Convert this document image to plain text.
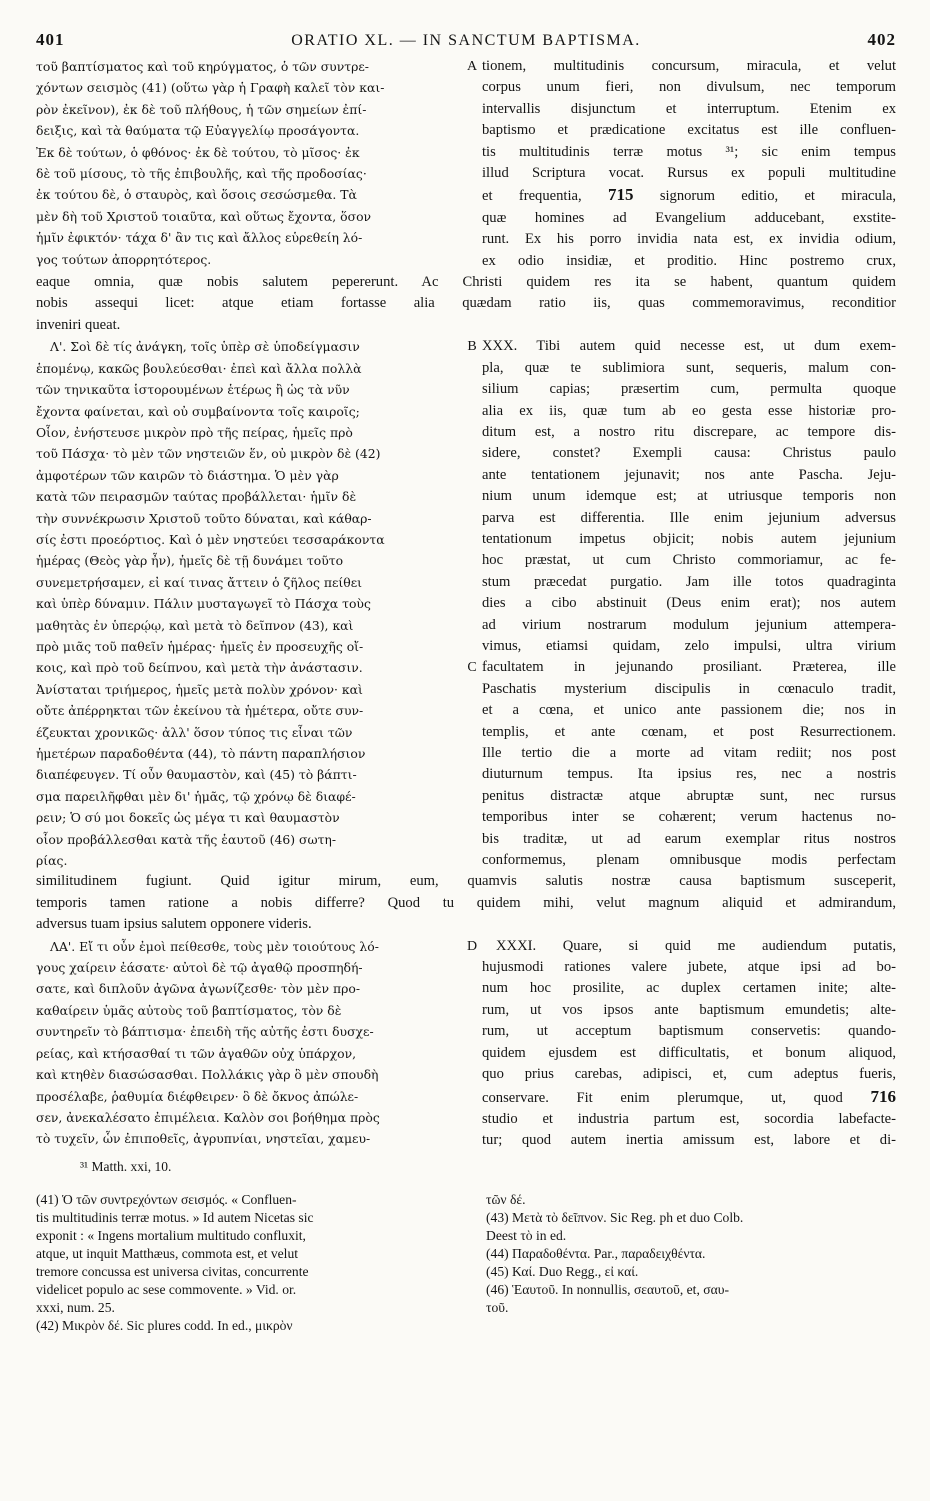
401	ORATIO XL. — IN SANCTUM BAPTISMA.	402
τοῦ βαπτίσματος καὶ τοῦ κηρύγματος, ὁ τῶν συντρε-
χόντων σεισμὸς (41) (οὕτω γὰρ ἡ Γραφὴ καλεῖ τὸν και-
ρὸν ἐκεῖνον), ἐκ δὲ τοῦ πλήθους, ἡ τῶν σημείων ἐπί-
δειξις, καὶ τὰ θαύματα τῷ Εὐαγγελίῳ προσάγοντα.
Ἐκ δὲ τούτων, ὁ φθόνος· ἐκ δὲ τούτου, τὸ μῖσος· ἐκ
δὲ τοῦ μίσους, τὸ τῆς ἐπιβουλῆς, καὶ τῆς προδοσίας·
ἐκ τούτου δὲ, ὁ σταυρὸς, καὶ ὅσοις σεσώσμεθα. Τὰ
μὲν δὴ τοῦ Χριστοῦ τοιαῦτα, καὶ οὕτως ἔχοντα, ὅσον
ἡμῖν ἐφικτόν· τάχα δ' ἂν τις καὶ ἄλλος εὑρεθείη λό-
γος τούτων ἀπορρητότερος.
A tionem, multitudinis concursum, miracula, et velut
corpus unum fieri, non divulsum, nec temporum
intervallis disjunctum et interruptum. Etenim ex
baptismo et prædicatione excitatus est ille confluen-
tis multitudinis terræ motus ³¹; sic enim tempus
illud Scriptura vocat. Rursus ex populi multitudine
et frequentia, 715 signorum editio, et miracula,
quæ homines ad Evangelium adducebant, exstite-
runt. Ex his porro invidia nata est, ex invidia odium,
ex odio insidiæ, et proditio. Hinc postremo crux,
eaque omnia, quæ nobis salutem pepererunt. Ac Christi quidem res ita se habent, quantum quidem
nobis assequi licet: atque etiam fortasse alia quædam ratio iis, quas commemoravimus, reconditior
inveniri queat.
Λ'. Σοὶ δὲ τίς ἀνάγκη, τοῖς ὑπὲρ σὲ ὑποδείγμασιν
ἑπομένῳ, κακῶς βουλεύεσθαι· ἐπεὶ καὶ ἄλλα πολλὰ
τῶν τηνικαῦτα ἱστορουμένων ἑτέρως ἢ ὡς τὰ νῦν
ἔχοντα φαίνεται, καὶ οὐ συμβαίνοντα τοῖς καιροῖς;
Οἷον, ἐνήστευσε μικρὸν πρὸ τῆς πείρας, ἡμεῖς πρὸ
τοῦ Πάσχα· τὸ μὲν τῶν νηστειῶν ἕν, οὐ μικρὸν δὲ (42)
ἀμφοτέρων τῶν καιρῶν τὸ διάστημα. Ὁ μὲν γὰρ
κατὰ τῶν πειρασμῶν ταύτας προβάλλεται· ἡμῖν δὲ
τὴν συννέκρωσιν Χριστοῦ τοῦτο δύναται, καὶ κάθαρ-
σίς ἐστι προεόρτιος. Καὶ ὁ μὲν νηστεύει τεσσαράκοντα
ἡμέρας (Θεὸς γὰρ ἦν), ἡμεῖς δὲ τῇ δυνάμει τοῦτο
συνεμετρήσαμεν, εἰ καί τινας ἄττειν ὁ ζῆλος πείθει
καὶ ὑπὲρ δύναμιν. Πάλιν μυσταγωγεῖ τὸ Πάσχα τοὺς
μαθητὰς ἐν ὑπερῴῳ, καὶ μετὰ τὸ δεῖπνον (43), καὶ
πρὸ μιᾶς τοῦ παθεῖν ἡμέρας· ἡμεῖς ἐν προσευχῆς οἴ-
κοις, καὶ πρὸ τοῦ δείπνου, καὶ μετὰ τὴν ἀνάστασιν.
Ἀνίσταται τριήμερος, ἡμεῖς μετὰ πολὺν χρόνον· καὶ
οὔτε ἀπέρρηκται τῶν ἐκείνου τὰ ἡμέτερα, οὔτε συν-
έζευκται χρονικῶς· ἀλλ' ὅσον τύπος τις εἶναι τῶν
ἡμετέρων παραδοθέντα (44), τὸ πάντη παραπλήσιον
διαπέφευγεν. Τί οὖν θαυμαστὸν, καὶ (45) τὸ βάπτι-
σμα παρειλῆφθαι μὲν δι' ἡμᾶς, τῷ χρόνῳ δὲ διαφέ-
ρειν; Ὁ σύ μοι δοκεῖς ὡς μέγα τι καὶ θαυμαστὸν
οἷον προβάλλεσθαι κατὰ τῆς ἑαυτοῦ (46) σωτη-
ρίας.
B
C
XXX. Tibi autem quid necesse est, ut dum exem-
pla, quæ te sublimiora sunt, sequeris, malum con-
silium capias; præsertim cum, permulta quoque
alia ex iis, quæ tum ab eo gesta esse historiæ pro-
ditum est, a nostro ritu discrepare, ac tempore dis-
sidere, constet? Exempli causa: Christus paulo
ante tentationem jejunavit; nos ante Pascha. Jeju-
nium unum idemque est; at utriusque temporis non
parva est differentia. Ille enim jejunium adversus
tentationum impetus objicit; nobis autem jejunium
hoc præstat, ut cum Christo commoriamur, ac fe-
stum præcedat purgatio. Jam ille totos quadraginta
dies a cibo abstinuit (Deus enim erat); nos autem
ad virium nostrarum modulum jejunium attempera-
vimus, etiamsi quidam, zelo impulsi, ultra virium
facultatem in jejunando prosiliant. Præterea, ille
Paschatis mysterium discipulis in cœnaculo tradit,
et a cœna, et unico ante passionem die; nos in
templis, et ante cœnam, et post Resurrectionem.
Ille tertio die a morte ad vitam rediit; nos post
diuturnum tempus. Ita ipsius res, nec a nostris
penitus distractæ atque abruptæ sunt, nec rursus
temporibus inter se cohærent; verum hactenus no-
bis traditæ, ut ad earum exemplar ritus nostros
conformemus, plenam omnibusque modis perfectam
similitudinem fugiunt. Quid igitur mirum, eum, quamvis salutis nostræ causa baptismum susceperit,
temporis tamen ratione a nobis differre? Quod tu quidem mihi, velut magnum aliquid et admirandum,
adversus tuam ipsius salutem opponere videris.
ΛΑ'. Εἴ τι οὖν ἐμοὶ πείθεσθε, τοὺς μὲν τοιούτους λό-
γους χαίρειν ἐάσατε· αὐτοὶ δὲ τῷ ἀγαθῷ προσπηδή-
σατε, καὶ διπλοῦν ἀγῶνα ἀγωνίζεσθε· τὸν μὲν προ-
καθαίρειν ὑμᾶς αὐτοὺς τοῦ βαπτίσματος, τὸν δὲ
συντηρεῖν τὸ βάπτισμα· ἐπειδὴ τῆς αὐτῆς ἐστι δυσχε-
ρείας, καὶ κτήσασθαί τι τῶν ἀγαθῶν οὐχ ὑπάρχον,
καὶ κτηθὲν διασώσασθαι. Πολλάκις γὰρ ὃ μὲν σπουδὴ
προσέλαβε, ῥαθυμία διέφθειρεν· ὃ δὲ ὄκνος ἀπώλε-
σεν, ἀνεκαλέσατο ἐπιμέλεια. Καλὸν σοι βοήθημα πρὸς
τὸ τυχεῖν, ὧν ἐπιποθεῖς, ἀγρυπνίαι, νηστεῖαι, χαμευ-
³¹ Matth. xxi, 10.
D	XXXI. Quare, si quid me audiendum putatis,
hujusmodi rationes valere jubete, atque ipsi ad bo-
num hoc prosilite, ac duplex certamen inite; alte-
rum, ut vos ipsos ante baptismum emundetis; alte-
rum, ut acceptum baptismum conservetis: quando-
quidem ejusdem est difficultatis, et bonum aliquod,
quo prius carebas, adipisci, et, cum adeptus fueris,
conservare. Fit enim plerumque, ut, quod 716
studio et industria partum est, socordia labefacte-
tur; quod autem inertia amissum est, labore et di-
(41) Ὁ τῶν συντρεχόντων σεισμός. « Confluen-
tis multitudinis terræ motus. » Id autem Nicetas sic
exponit : « Ingens mortalium multitudo confluxit,
atque, ut inquit Matthæus, commota est, et velut
tremore concussa est universa civitas, concurrente
videlicet populo ac sese commovente. » Vid. or.
xxxi, num. 25.
(42) Μικρὸν δέ. Sic plures codd. In ed., μικρὸν
τῶν δέ.
(43) Μετὰ τὸ δεῖπνον. Sic Reg. ph et duo Colb.
Deest τὸ in ed.
(44) Παραδοθέντα. Par., παραδειχθέντα.
(45) Καί. Duo Regg., εἰ καί.
(46) Ἑαυτοῦ. In nonnullis, σεαυτοῦ, et, σαυ-
τοῦ.
